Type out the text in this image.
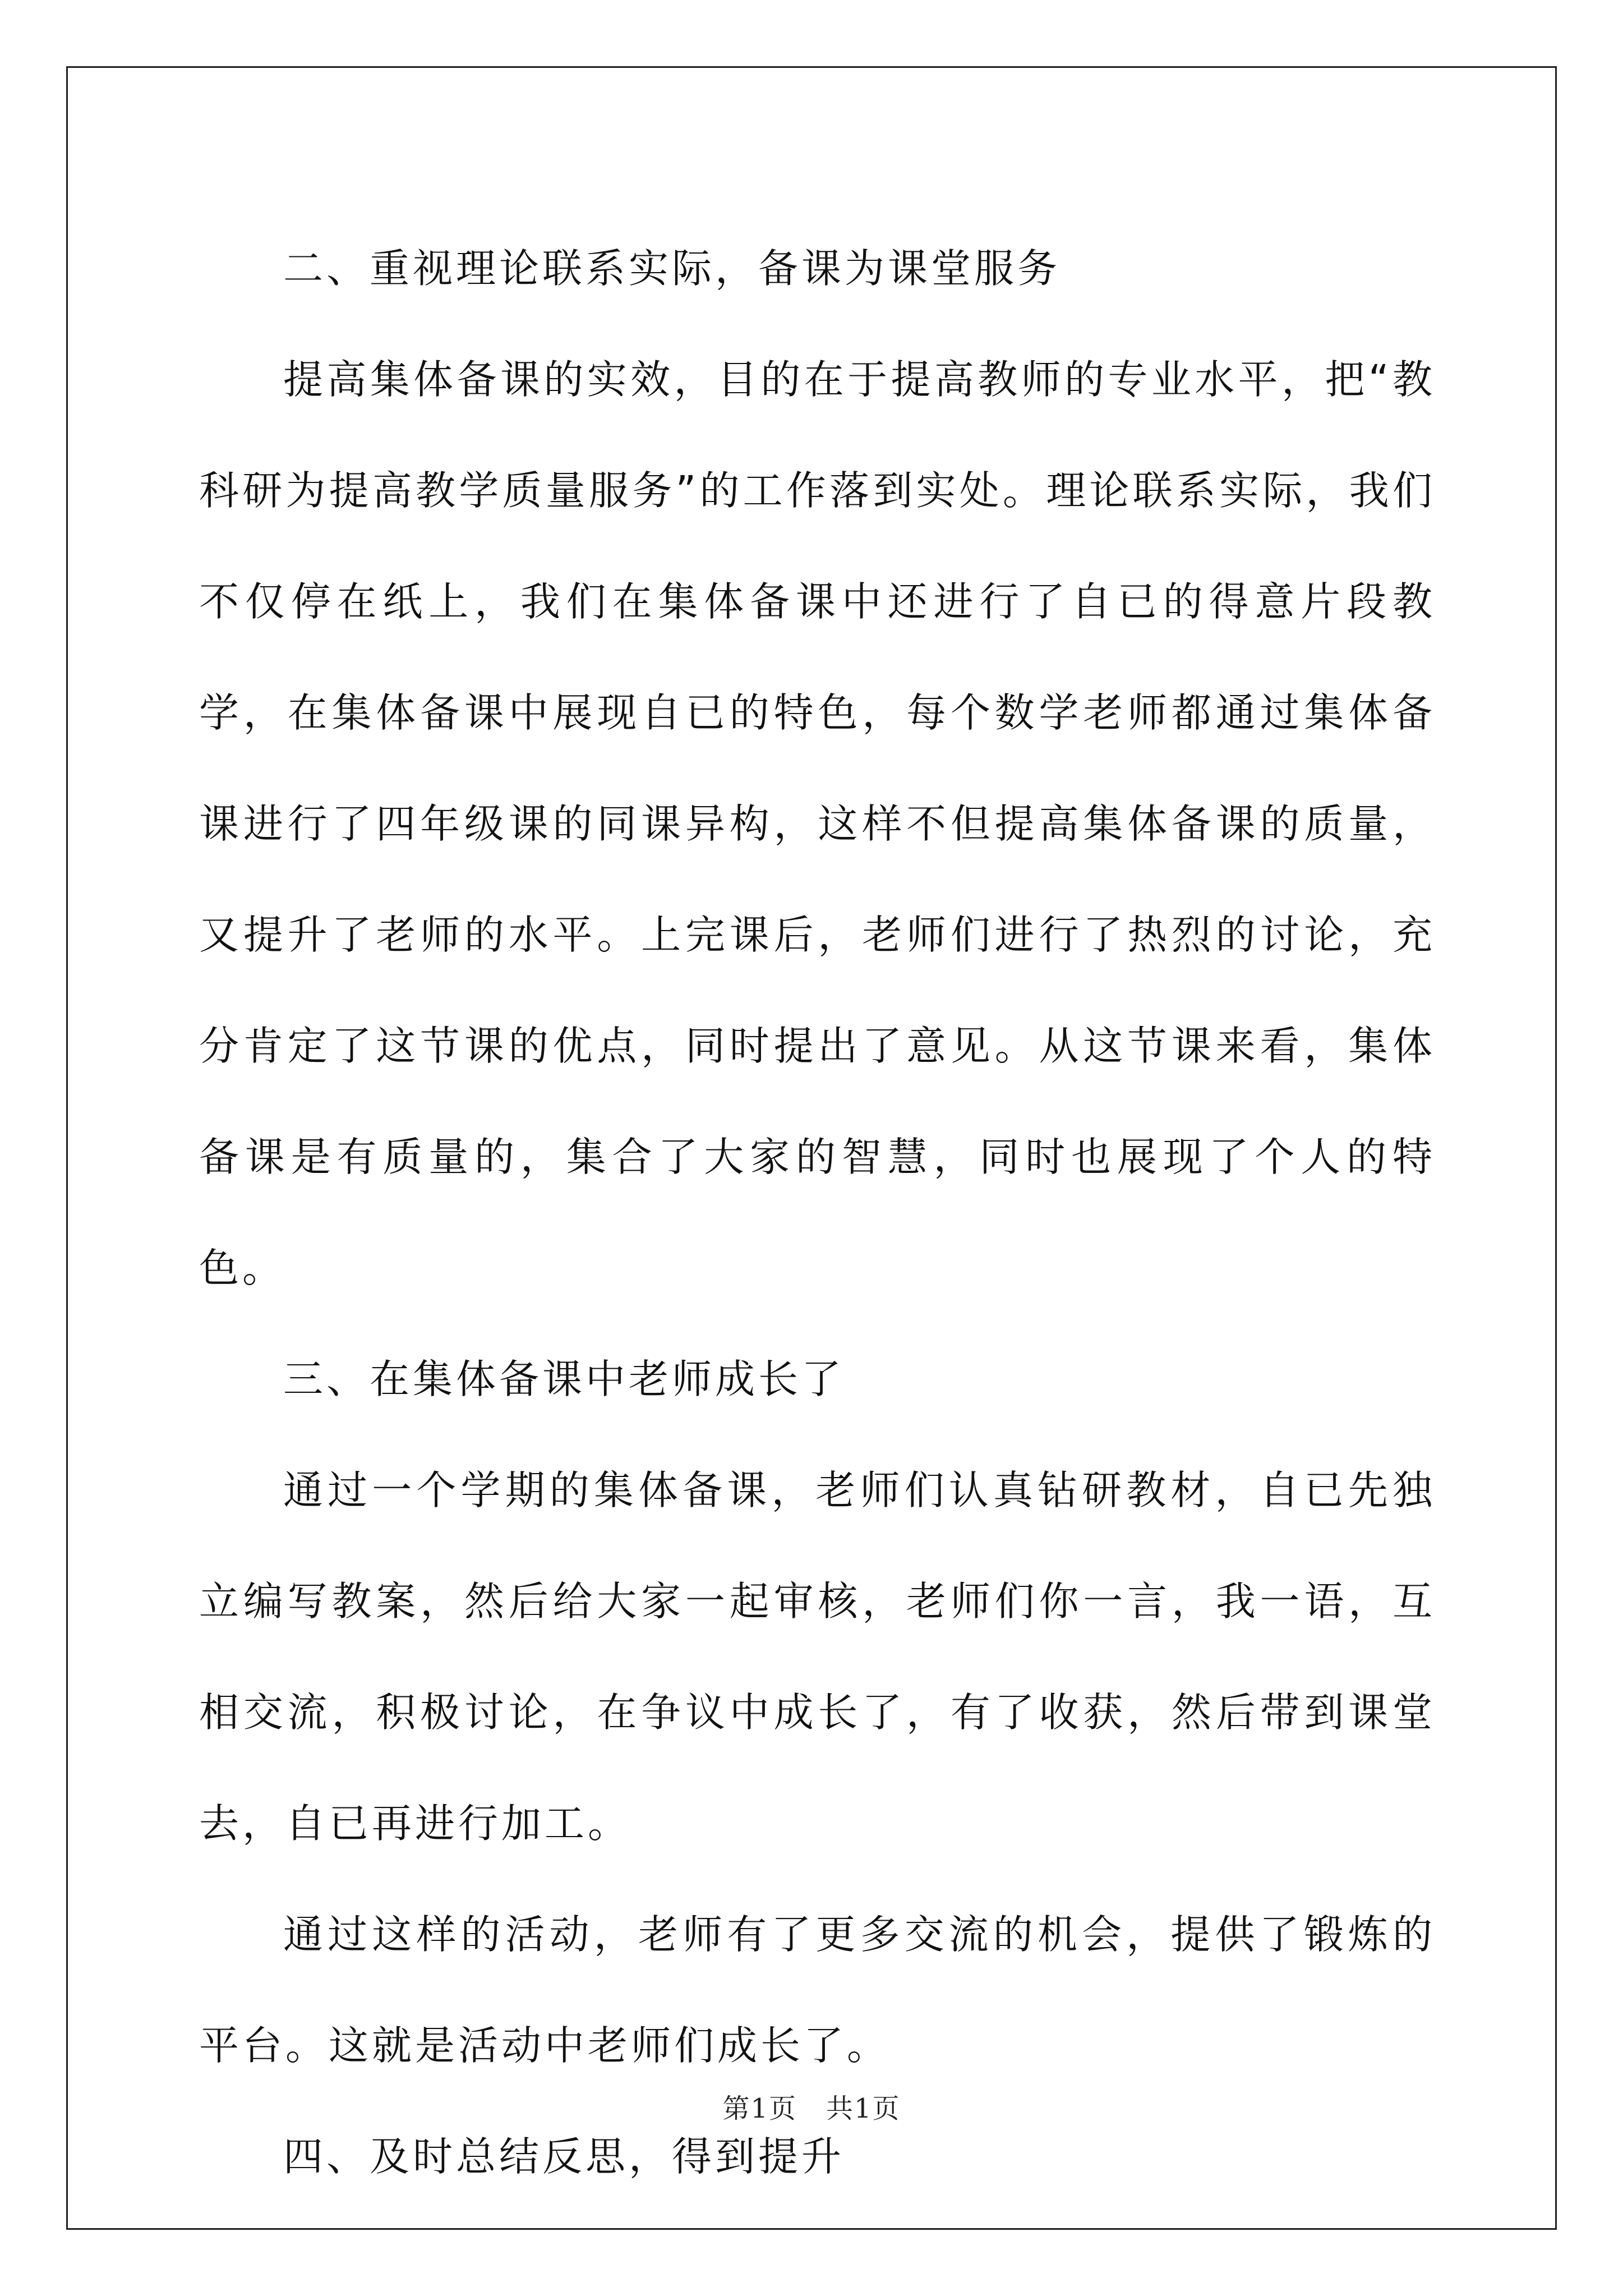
二、重视理论联系实际，备课为课堂服务

提高集体备课的实效，目的在于提高教师的专业水平，把“教科研为提高教学质量服务”的工作落到实处。理论联系实际，我们不仅停在纸上，我们在集体备课中还进行了自已的得意片段教学，在集体备课中展现自已的特色，每个数学老师都通过集体备课进行了四年级课的同课异构，这样不但提高集体备课的质量，又提升了老师的水平。上完课后，老师们进行了热烈的讨论，充分肯定了这节课的优点，同时提出了意见。从这节课来看，集体备课是有质量的，集合了大家的智慧，同时也展现了个人的特色。

三、在集体备课中老师成长了

通过一个学期的集体备课，老师们认真钻研教材，自已先独立编写教案，然后给大家一起审核，老师们你一言，我一语，互相交流，积极讨论，在争议中成长了，有了收获，然后带到课堂去，自已再进行加工。

通过这样的活动，老师有了更多交流的机会，提供了锻炼的平台。这就是活动中老师们成长了。

四、及时总结反思，得到提升

第1页 共1页
